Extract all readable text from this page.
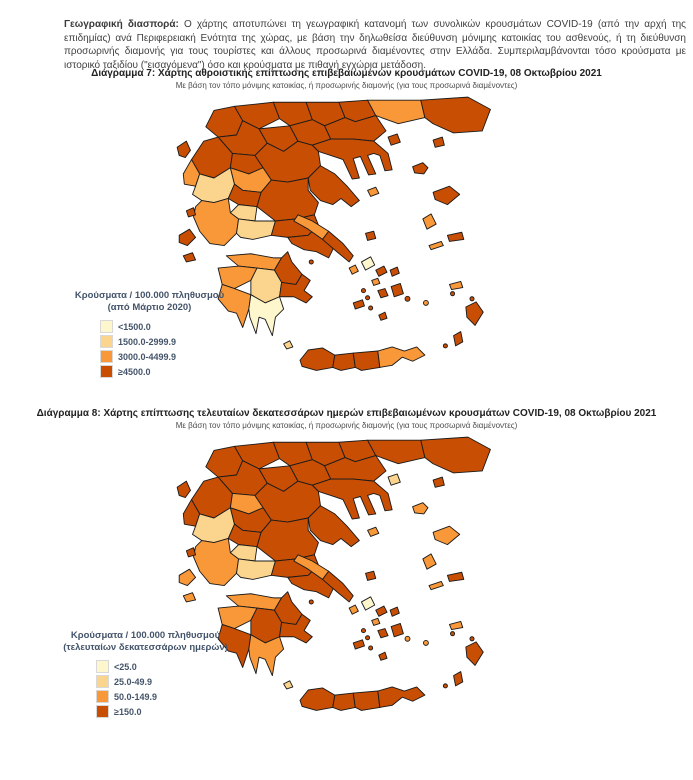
Γεωγραφική διασπορά: Ο χάρτης αποτυπώνει τη γεωγραφική κατανομή των συνολικών κρουσμάτων COVID-19 (από την αρχή της επιδημίας) ανά Περιφερειακή Ενότητα της χώρας, με βάση την δηλωθείσα διεύθυνση μόνιμης κατοικίας του ασθενούς, ή τη διεύθυνση προσωρινής διαμονής για τους τουρίστες και άλλους προσωρινά διαμένοντες στην Ελλάδα. Συμπεριλαμβάνονται τόσο κρούσματα με ιστορικό ταξιδίου ("εισαγόμενα") όσο και κρούσματα με πιθανή εγχώρια μετάδοση.

Διάγραμμα 7: Χάρτης αθροιστικής επίπτωσης επιβεβαιωμένων κρουσμάτων COVID-19, 08 Οκτωβρίου 2021
Με βάση τον τόπο μόνιμης κατοικίας, ή προσωρινής διαμονής (για τους προσωρινά διαμένοντες)
Κρούσματα / 100.000 πληθυσμού
(από Μάρτιο 2020)
<1500.0
1500.0-2999.9
3000.0-4499.9
≥4500.0
Διάγραμμα 8: Χάρτης επίπτωσης τελευταίων δεκατεσσάρων ημερών επιβεβαιωμένων κρουσμάτων COVID-19, 08 Οκτωβρίου 2021
Με βάση τον τόπο μόνιμης κατοικίας, ή προσωρινής διαμονής (για τους προσωρινά διαμένοντες)
Κρούσματα / 100.000 πληθυσμού
(τελευταίων δεκατεσσάρων ημερών)
<25.0
25.0-49.9
50.0-149.9
≥150.0
